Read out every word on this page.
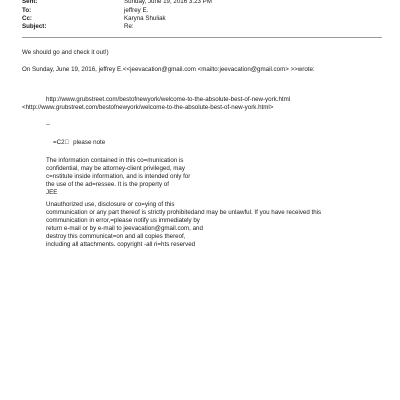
Sent:	Sunday, June 19, 2016 3:23 PM
To:	jeffrey E.
Cc:	Karyna Shuliak
Subject:	Re:
We should go and check it out!)
On Sunday, June 19, 2016, jeffrey E.<<jeevacation@gmail.com <mailto:jeevacation@gmail.com> >>wrote:
http://www.grubstreet.com/bestofnewyork/welcome-to-the-absolute-best-of-new-york.html
<http://www.grubstreet.com/bestofnewyork/welcome-to-the-absolute-best-of-new-york.html>
--
=C2  please note
The information contained in this co=munication is
confidential, may be attorney-client privileged, may
c=nstitute inside information, and is intended only for
the use of the ad=ressee. It is the property of
JEE
Unauthorized use, disclosure or co=ying of this
communication or any part thereof is strictly prohibitedand may be unlawful. If you have received this
communication in error,=please notify us immediately by
return e-mail or by e-mail to jeevacation@gmail.com, and
destroy this communicat=on and all copies thereof,
including all attachments. copyright -all ri=hts reserved
